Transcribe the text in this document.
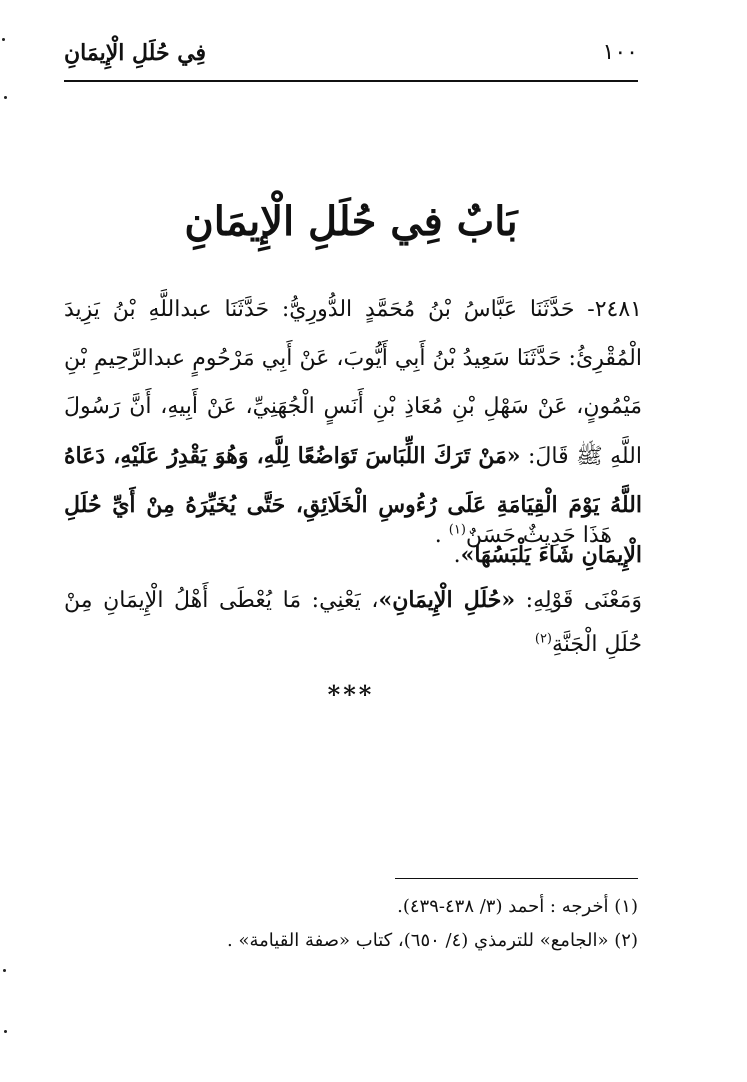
١٠٠
فِي حُلَلِ الْإِيمَانِ
بَابٌ فِي حُلَلِ الْإِيمَانِ
٢٤٨١- حَدَّثَنَا عَبَّاسُ بْنُ مُحَمَّدٍ الدُّورِيُّ: حَدَّثَنَا عبداللَّهِ بْنُ يَزِيدَ الْمُقْرِئُ: حَدَّثَنَا سَعِيدُ بْنُ أَبِي أَيُّوبَ، عَنْ أَبِي مَرْحُومٍ عبدالرَّحِيمِ بْنِ مَيْمُونٍ، عَنْ سَهْلِ بْنِ مُعَاذِ بْنِ أَنَسٍ الْجُهَنِيِّ، عَنْ أَبِيهِ، أَنَّ رَسُولَ اللَّهِ ﷺ قَالَ: «مَنْ تَرَكَ اللِّبَاسَ تَوَاضُعًا لِلَّهِ، وَهُوَ يَقْدِرُ عَلَيْهِ، دَعَاهُ اللَّهُ يَوْمَ الْقِيَامَةِ عَلَى رُءُوسِ الْخَلَائِقِ، حَتَّى يُخَيِّرَهُ مِنْ أَيِّ حُلَلِ الْإِيمَانِ شَاءَ يَلْبَسُهَا».
هَذَا حَدِيثٌ حَسَنٌ$^{(١)}$ .
وَمَعْنَى قَوْلِهِ: «حُلَلِ الْإِيمَانِ»، يَعْنِي: مَا يُعْطَى أَهْلُ الْإِيمَانِ مِنْ حُلَلِ الْجَنَّةِ$^{(٢)}$
***
(١) أخرجه : أحمد (٣/ ٤٣٨-٤٣٩).
(٢) «الجامع» للترمذي (٤/ ٦٥٠)، كتاب «صفة القيامة» .
